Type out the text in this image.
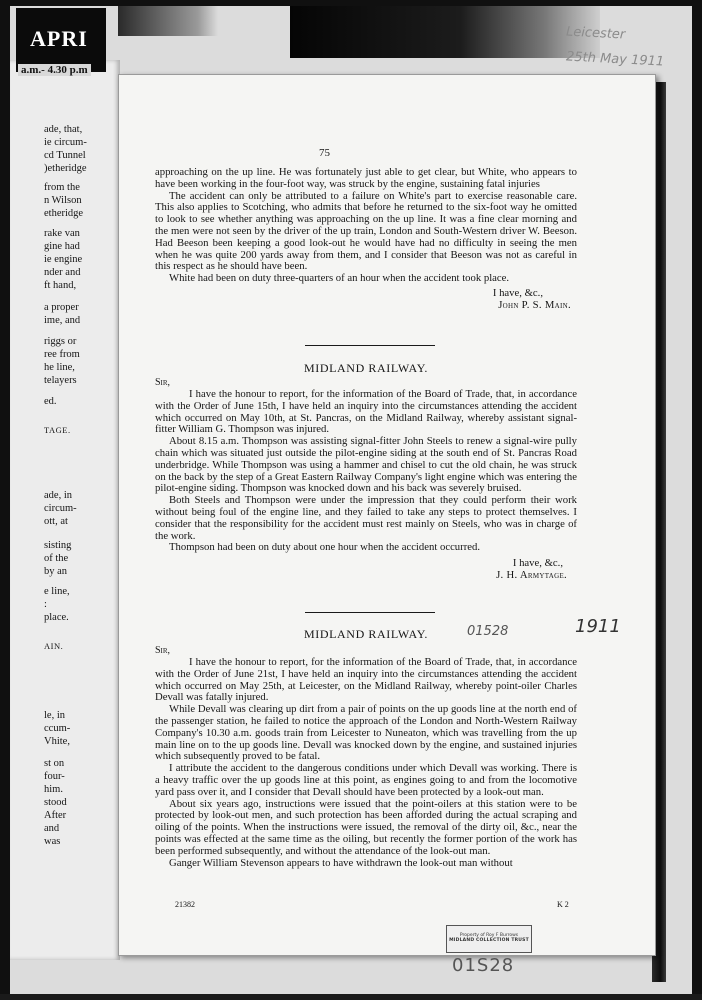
ade, that,
ie circum-
cd Tunnel
)etheridge
from the
n Wilson
etheridge
rake van
gine had
ie engine
nder and
ft hand,
a proper
ime, and
riggs or
ree from
he line,
telayers
ed.
TAGE.
ade, in
circum-
ott, at
sisting
of the
by an
e line,
:
place.
AIN.
le, in
ccum-
Vhite,
st on
four-
him.
stood
After
and
was
APRI
a.m.- 4.30 p.m
Leicester
25th May 1911
75

approaching on the up line. He was fortunately just able to get clear, but White, who appears to have been working in the four-foot way, was struck by the engine, sustaining fatal injuries

The accident can only be attributed to a failure on White's part to exercise reasonable care. This also applies to Scotching, who admits that before he returned to the six-foot way he omitted to look to see whether anything was approaching on the up line. It was a fine clear morning and the men were not seen by the driver of the up train, London and South-Western driver W. Beeson. Had Beeson been keeping a good look-out he would have had no difficulty in seeing the men when he was quite 200 yards away from them, and I consider that Beeson was not as careful in this respect as he should have been.

White had been on duty three-quarters of an hour when the accident took place.

I have, &c.,

John P. S. Main.

MIDLAND RAILWAY.
Sir,

I have the honour to report, for the information of the Board of Trade, that, in accordance with the Order of June 15th, I have held an inquiry into the circumstances attending the accident which occurred on May 10th, at St. Pancras, on the Midland Railway, whereby assistant signal-fitter William G. Thompson was injured.

About 8.15 a.m. Thompson was assisting signal-fitter John Steels to renew a signal-wire pully chain which was situated just outside the pilot-engine siding at the south end of St. Pancras Road underbridge. While Thompson was using a hammer and chisel to cut the old chain, he was struck on the back by the step of a Great Eastern Railway Company's light engine which was entering the pilot-engine siding. Thompson was knocked down and his back was severely bruised.

Both Steels and Thompson were under the impression that they could perform their work without being foul of the engine line, and they failed to take any steps to protect themselves. I consider that the responsibility for the accident must rest mainly on Steels, who was in charge of the work.

Thompson had been on duty about one hour when the accident occurred.

I have, &c.,

J. H. Armytage.

MIDLAND RAILWAY.	01528	1911
Sir,

I have the honour to report, for the information of the Board of Trade, that, in accordance with the Order of June 21st, I have held an inquiry into the circumstances attending the accident which occurred on May 25th, at Leicester, on the Midland Railway, whereby point-oiler Charles Devall was fatally injured.

While Devall was clearing up dirt from a pair of points on the up goods line at the north end of the passenger station, he failed to notice the approach of the London and North-Western Railway Company's 10.30 a.m. goods train from Leicester to Nuneaton, which was travelling from the up main line on to the up goods line. Devall was knocked down by the engine, and sustained injuries which subsequently proved to be fatal.

I attribute the accident to the dangerous conditions under which Devall was working. There is a heavy traffic over the up goods line at this point, as engines going to and from the locomotive yard pass over it, and I consider that Devall should have been protected by a look-out man.

About six years ago, instructions were issued that the point-oilers at this station were to be protected by look-out men, and such protection has been afforded during the actual scraping and oiling of the points. When the instructions were issued, the removal of the dirty oil, &c., near the points was effected at the same time as the oiling, but recently the former portion of the work has been performed subsequently, and without the attendance of the look-out man.

Ganger William Stevenson appears to have withdrawn the look-out man without

21382	K 2
Property of Roy F Burrows
MIDLAND COLLECTION TRUST
01S28
